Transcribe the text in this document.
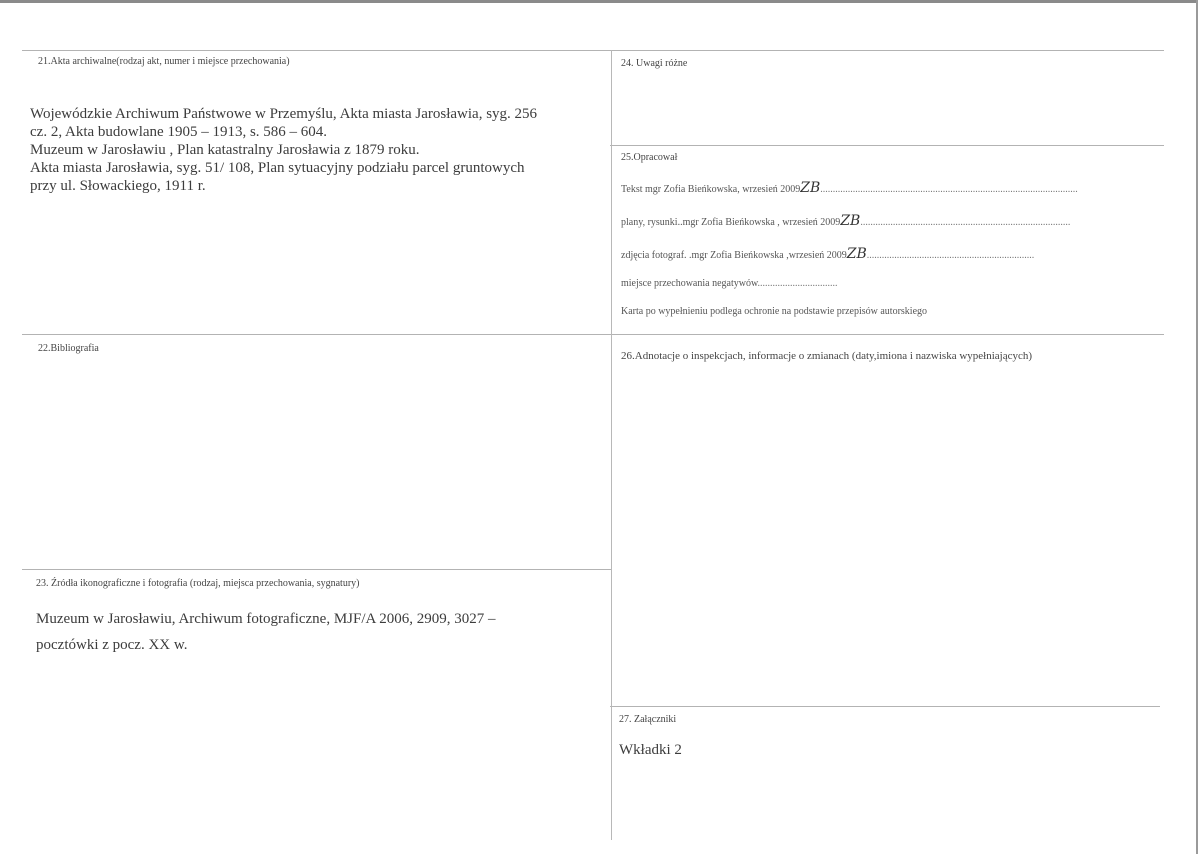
21.Akta archiwalne(rodzaj akt, numer i miejsce przechowania)
Wojewódzkie Archiwum Państwowe w Przemyślu, Akta miasta Jarosławia, syg. 256
cz. 2, Akta budowlane 1905 – 1913, s. 586 – 604.
Muzeum w Jarosławiu , Plan katastralny Jarosławia z 1879 roku.
Akta miasta Jarosławia, syg. 51/ 108, Plan sytuacyjny podziału parcel gruntowych
przy ul. Słowackiego, 1911 r.
22.Bibliografia
23. Źródła ikonograficzne i fotografia (rodzaj, miejsca przechowania, sygnatury)
Muzeum w Jarosławiu, Archiwum fotograficzne, MJF/A 2006, 2909, 3027 –
pocztówki z pocz. XX w.
24. Uwagi różne
25.Opracował
Tekst mgr Zofia Bieńkowska, wrzesień 2009ZB.......................................................................................................
plany, rysunki..mgr Zofia Bieńkowska , wrzesień 2009ZB....................................................................................
zdjęcia fotograf. .mgr Zofia Bieńkowska ,wrzesień 2009ZB...................................................................
miejsce przechowania negatywów................................
Karta po wypełnieniu podlega ochronie na podstawie przepisów autorskiego
26.Adnotacje o inspekcjach, informacje o zmianach (daty,imiona i nazwiska wypełniających)
27. Załączniki
Wkładki 2
